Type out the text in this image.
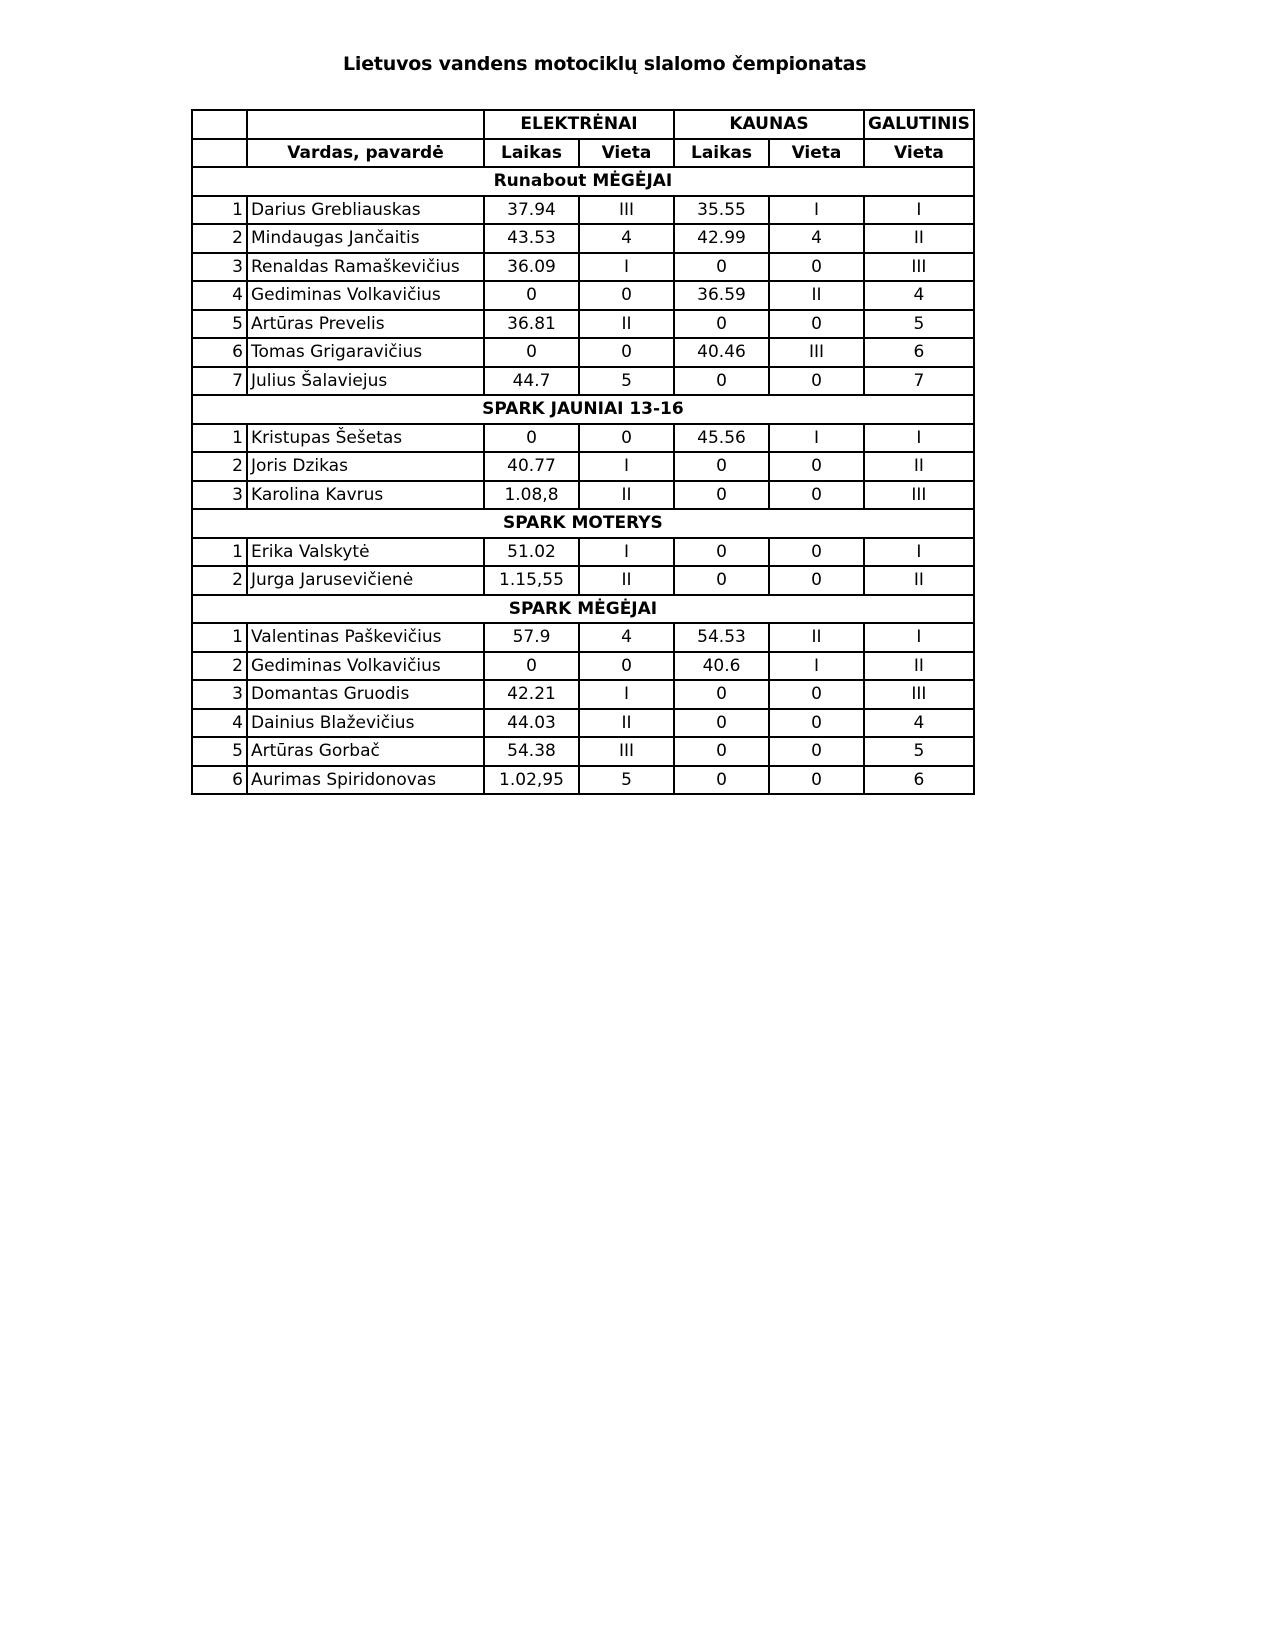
Lietuvos vandens motociklų slalomo čempionatas
		ELEKTRĖNAI		KAUNAS		GALUTINIS
	Vardas, pavardė	Laikas	Vieta	Laikas	Vieta	Vieta
Runabout MĖGĖJAI						
1	Darius Grebliauskas	37.94	III	35.55	I	I
2	Mindaugas Jančaitis	43.53	4	42.99	4	II
3	Renaldas Ramaškevičius	36.09	I	0	0	III
4	Gediminas Volkavičius	0	0	36.59	II	4
5	Artūras Prevelis	36.81	II	0	0	5
6	Tomas Grigaravičius	0	0	40.46	III	6
7	Julius Šalaviejus	44.7	5	0	0	7
SPARK JAUNIAI 13-16						
1	Kristupas Šešetas	0	0	45.56	I	I
2	Joris Dzikas	40.77	I	0	0	II
3	Karolina Kavrus	1.08,8	II	0	0	III
SPARK MOTERYS						
1	Erika Valskytė	51.02	I	0	0	I
2	Jurga Jarusevičienė	1.15,55	II	0	0	II
SPARK MĖGĖJAI						
1	Valentinas Paškevičius	57.9	4	54.53	II	I
2	Gediminas Volkavičius	0	0	40.6	I	II
3	Domantas Gruodis	42.21	I	0	0	III
4	Dainius Blaževičius	44.03	II	0	0	4
5	Artūras Gorbač	54.38	III	0	0	5
6	Aurimas Spiridonovas	1.02,95	5	0	0	6
